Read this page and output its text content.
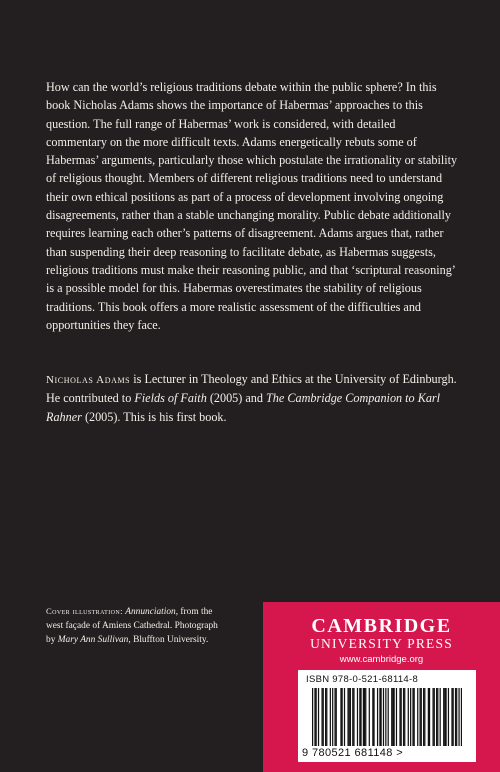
How can the world’s religious traditions debate within the public sphere? In this book Nicholas Adams shows the importance of Habermas’ approaches to this question. The full range of Habermas’ work is considered, with detailed commentary on the more difficult texts. Adams energetically rebuts some of Habermas’ arguments, particularly those which postulate the irrationality or stability of religious thought. Members of different religious traditions need to understand their own ethical positions as part of a process of development involving ongoing disagreements, rather than a stable unchanging morality. Public debate additionally requires learning each other’s patterns of disagreement. Adams argues that, rather than suspending their deep reasoning to facilitate debate, as Habermas suggests, religious traditions must make their reasoning public, and that ‘scriptural reasoning’ is a possible model for this. Habermas overestimates the stability of religious traditions. This book offers a more realistic assessment of the difficulties and opportunities they face.

Nicholas Adams is Lecturer in Theology and Ethics at the University of Edinburgh. He contributed to Fields of Faith (2005) and The Cambridge Companion to Karl Rahner (2005). This is his first book.

Cover illustration: Annunciation, from the west façade of Amiens Cathedral. Photograph by Mary Ann Sullivan, Bluffton University.

CAMBRIDGE
UNIVERSITY PRESS
www.cambridge.org
ISBN 978-0-521-68114-8
9 780521 681148 >
